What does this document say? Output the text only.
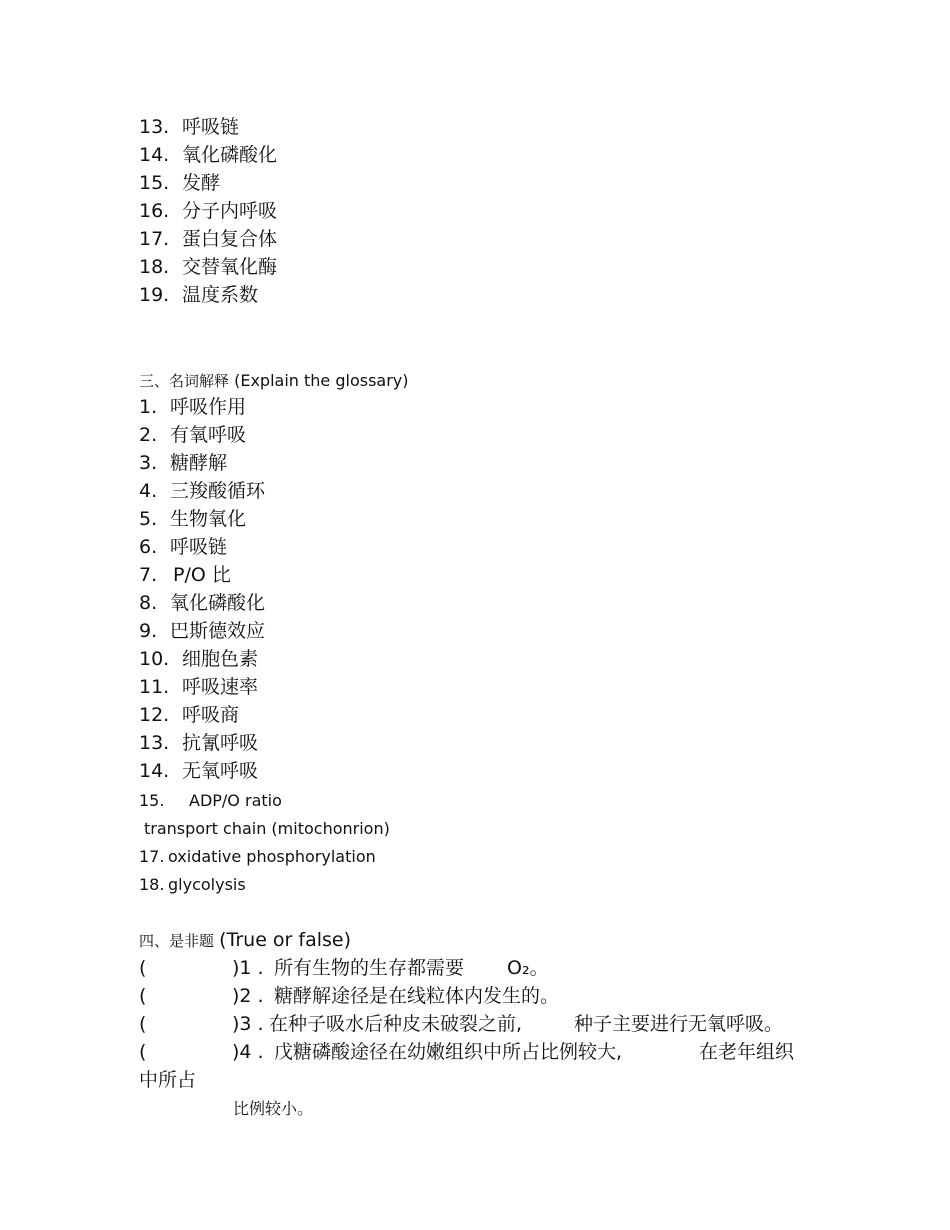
13. 呼吸链
14. 氧化磷酸化
15. 发酵
16. 分子内呼吸
17. 蛋白复合体
18. 交替氧化酶
19. 温度系数
三、名词解释 (Explain the glossary)
1. 呼吸作用
2. 有氧呼吸
3. 糖酵解
4. 三羧酸循环
5. 生物氧化
6. 呼吸链
7. P/O 比
8. 氧化磷酸化
9. 巴斯德效应
10. 细胞色素
11. 呼吸速率
12. 呼吸商
13. 抗氰呼吸
14. 无氧呼吸
15. ADP/O ratio
transport chain (mitochonrion)
17. oxidative phosphorylation
18. glycolysis
四、是非题 (True or false)
(	)1 . 所有生物的生存都需要 O₂。
(	)2 . 糖酵解途径是在线粒体内发生的。
(	)3 . 在种子吸水后种皮未破裂之前,	种子主要进行无氧呼吸。
(	)4 . 戊糖磷酸途径在幼嫩组织中所占比例较大,	在老年组织
中所占
比例较小。
